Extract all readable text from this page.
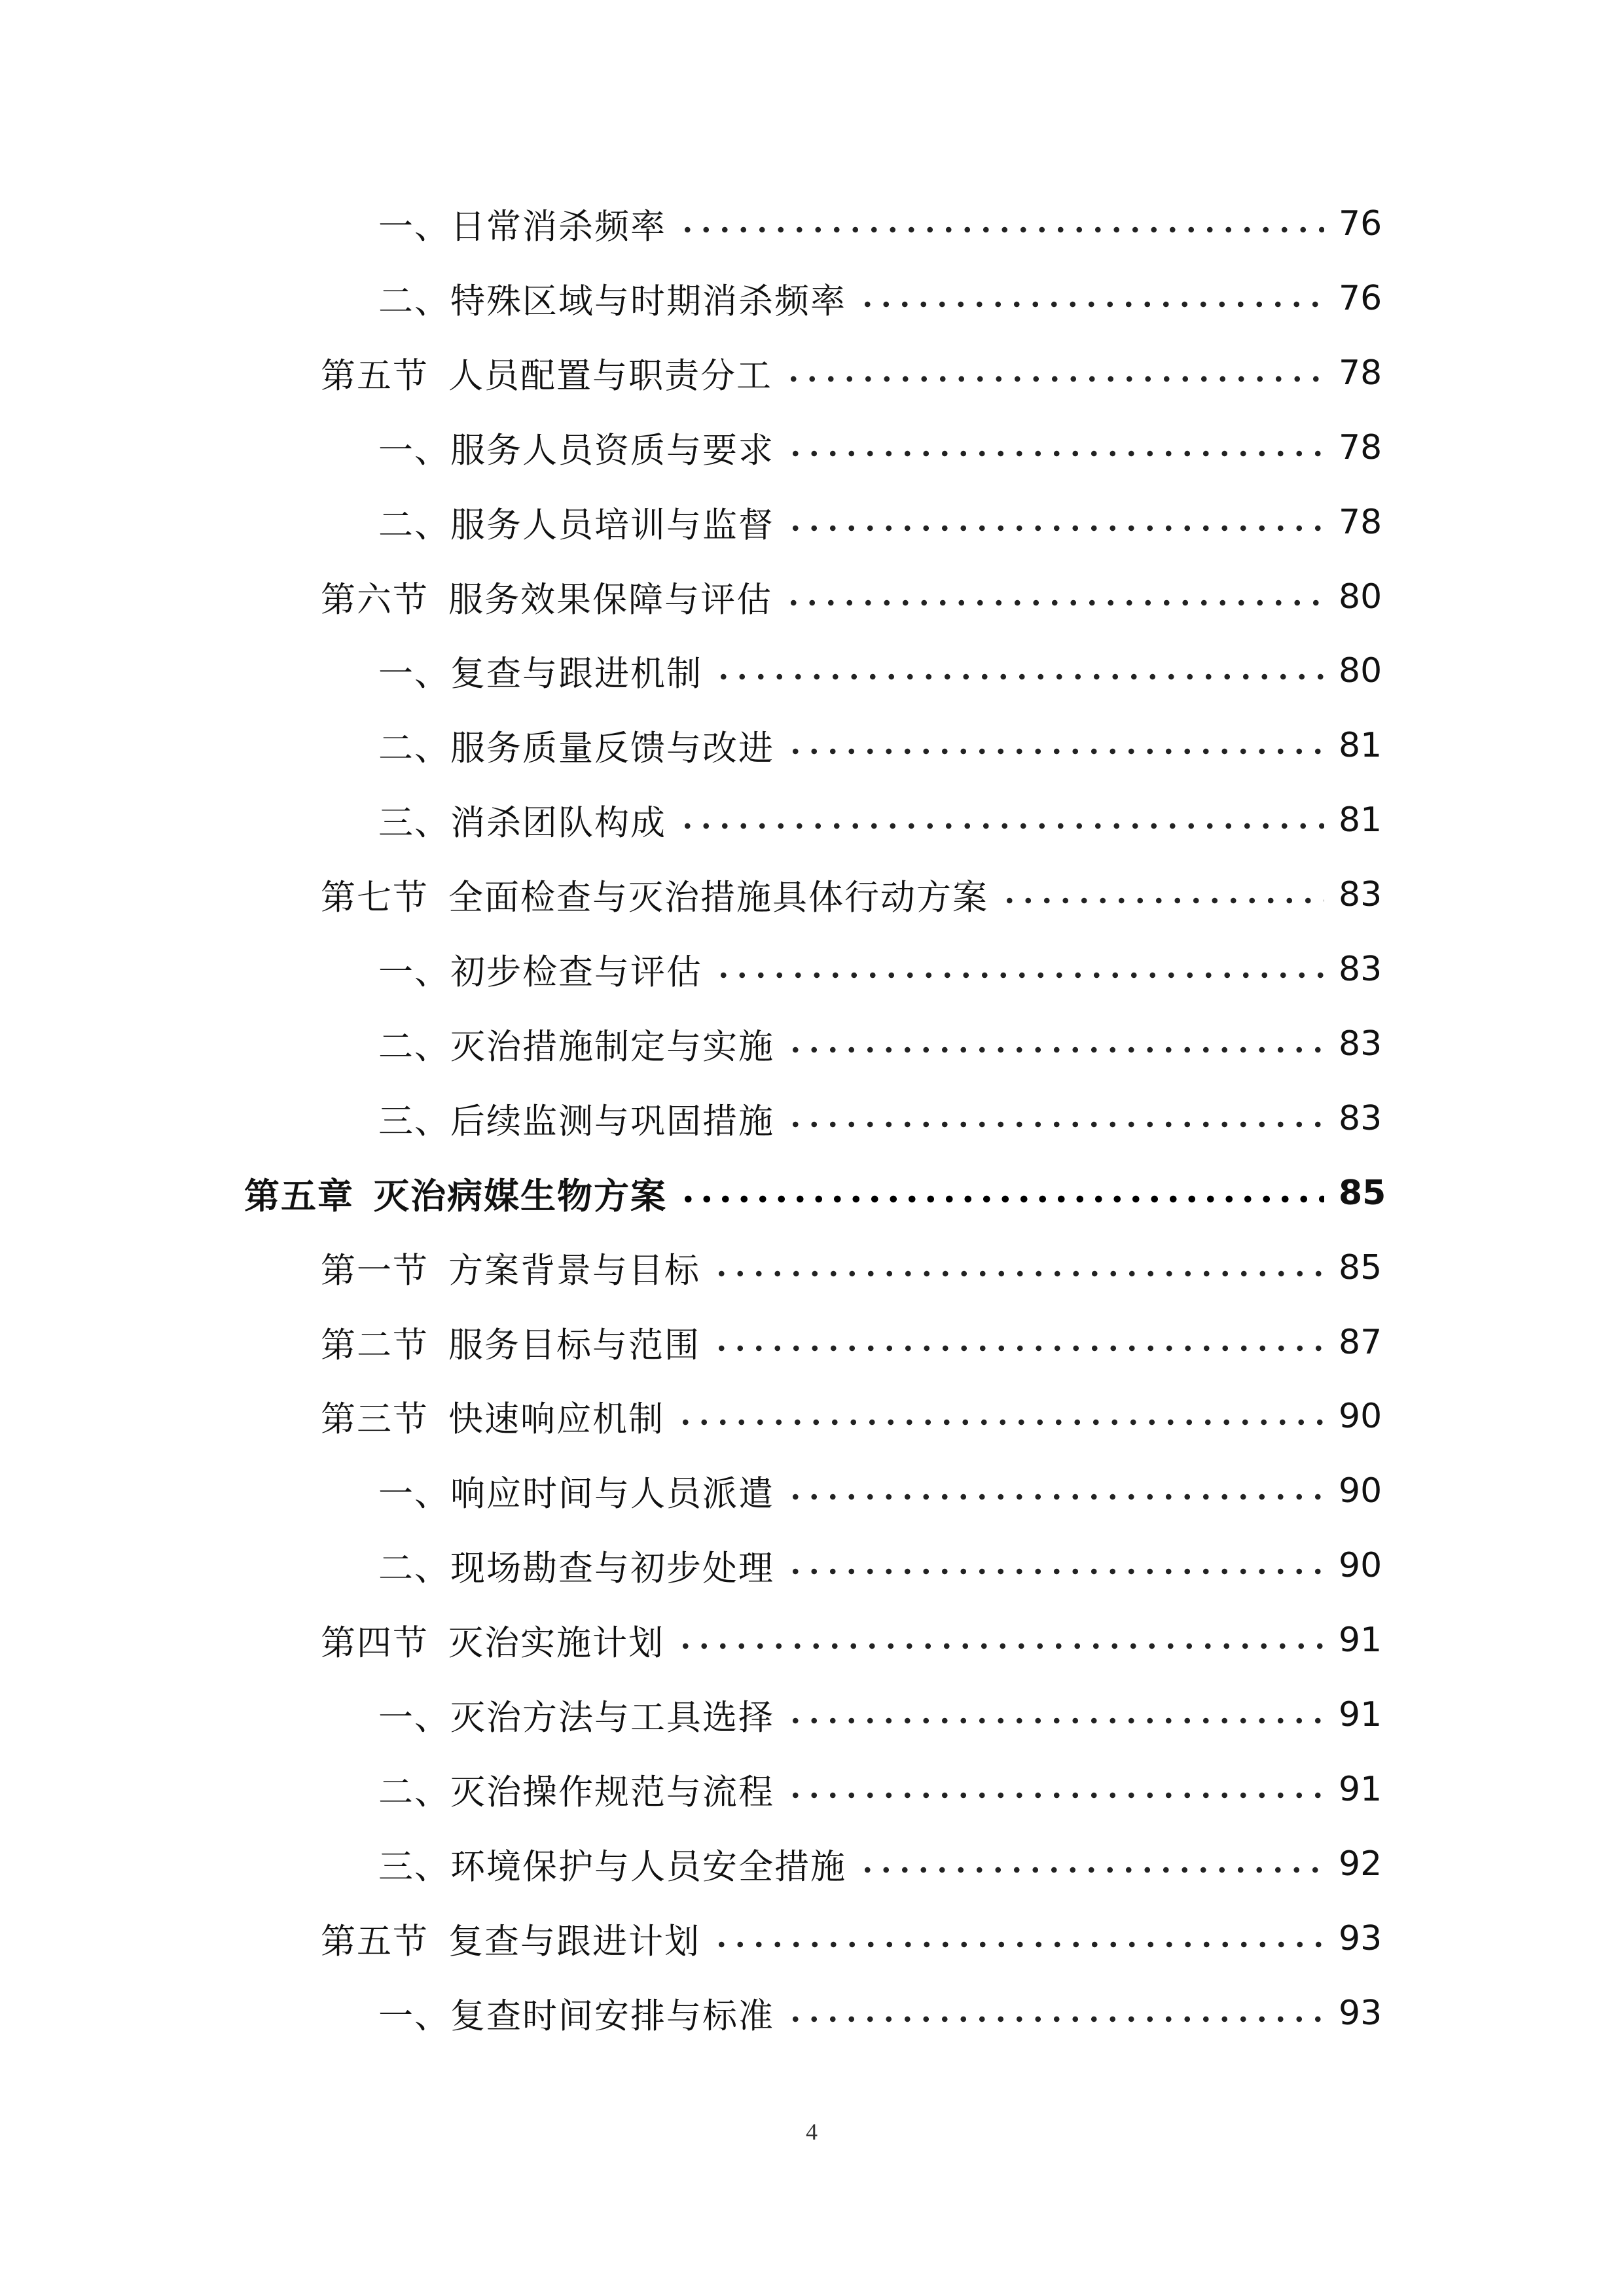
一、 日常消杀频率	76
二、 特殊区域与时期消杀频率	76
第五节 人员配置与职责分工	78
一、 服务人员资质与要求	78
二、 服务人员培训与监督	78
第六节 服务效果保障与评估	80
一、 复查与跟进机制	80
二、 服务质量反馈与改进	81
三、 消杀团队构成	81
第七节 全面检查与灭治措施具体行动方案	83
一、 初步检查与评估	83
二、 灭治措施制定与实施	83
三、 后续监测与巩固措施	83
第五章 灭治病媒生物方案	85
第一节 方案背景与目标	85
第二节 服务目标与范围	87
第三节 快速响应机制	90
一、 响应时间与人员派遣	90
二、 现场勘查与初步处理	90
第四节 灭治实施计划	91
一、 灭治方法与工具选择	91
二、 灭治操作规范与流程	91
三、 环境保护与人员安全措施	92
第五节 复查与跟进计划	93
一、 复查时间安排与标准	93
4
